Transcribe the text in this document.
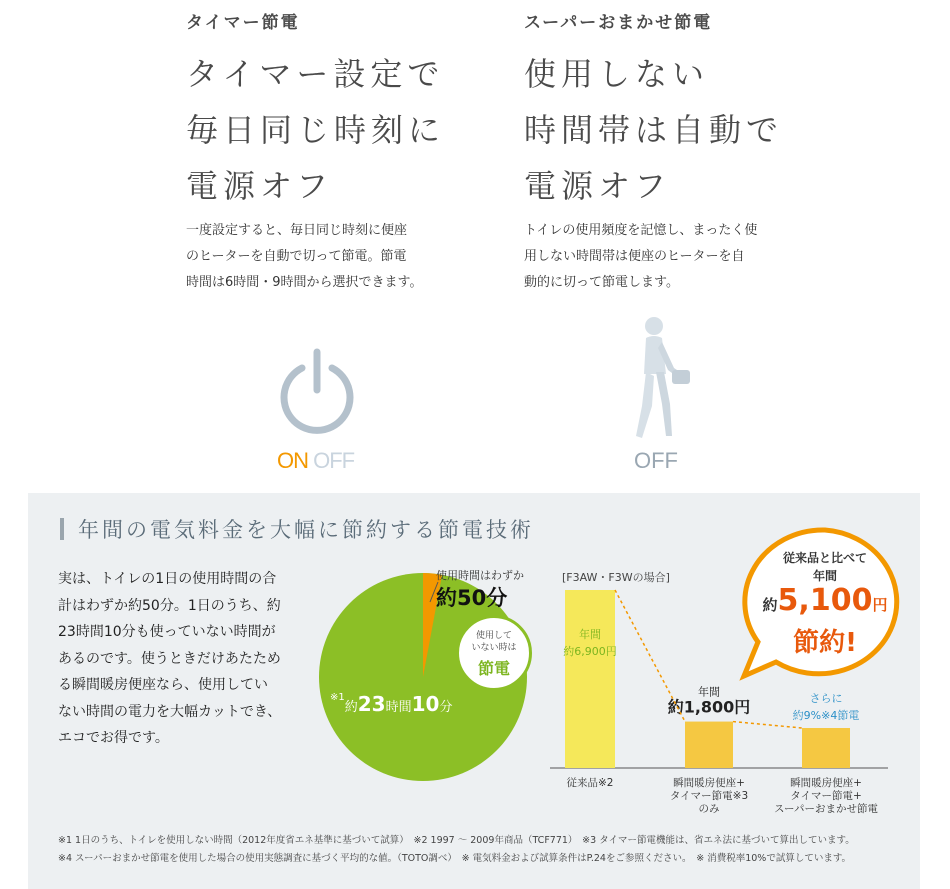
タイマー節電
タイマー設定で
毎日同じ時刻に
電源オフ
一度設定すると、毎日同じ時刻に便座
のヒーターを自動で切って節電。節電
時間は6時間・9時間から選択できます。
スーパーおまかせ節電
使用しない
時間帯は自動で
電源オフ
トイレの使用頻度を記憶し、まったく使
用しない時間帯は便座のヒーターを自
動的に切って節電します。
ON OFF	OFF
年間の電気料金を大幅に節約する節電技術
実は、トイレの1日の使用時間の合
計はわずか約50分。1日のうち、約
23時間10分も使っていない時間が
あるのです。使うときだけあたため
る瞬間暖房便座なら、使用してい
ない時間の電力を大幅カットでき、
エコでお得です。
使用時間はわずか
約50分
使用して
いない時は
節電
$^{※1}$約23時間10分
[F3AW・F3Wの場合]
年間
約6,900円
従来品※2
年間
約1,800円
瞬間暖房便座+
タイマー節電※3
のみ
さらに
約9%※4節電
瞬間暖房便座+
タイマー節電+
スーパーおまかせ節電
従来品と比べて
年間
約5,100円
節約!
※1 1日のうち、トイレを使用しない時間（2012年度省エネ基準に基づいて試算）　※2 1997 ～ 2009年商品（TCF771）　※3 タイマー節電機能は、省エネ法に基づいて算出しています。
※4 スーパーおまかせ節電を使用した場合の使用実態調査に基づく平均的な値。（TOTO調べ）　※ 電気料金および試算条件はP.24をご参照ください。　※ 消費税率10%で試算しています。
